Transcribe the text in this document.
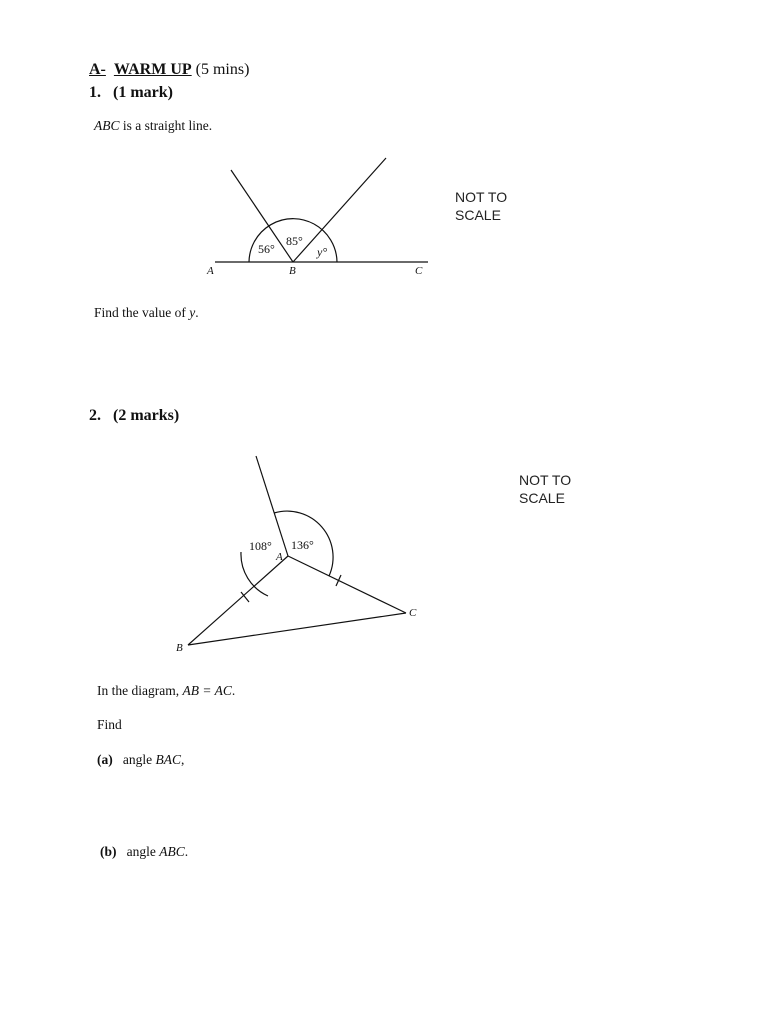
A- WARM UP (5 mins)
1. (1 mark)
ABC is a straight line.
NOT TO
SCALE
Find the value of y.
2. (2 marks)
NOT TO
SCALE
In the diagram, AB = AC.
Find
(a) angle BAC,
(b) angle ABC.
56°
85°
y°
A	B	C
108° 136°
A
B
C
